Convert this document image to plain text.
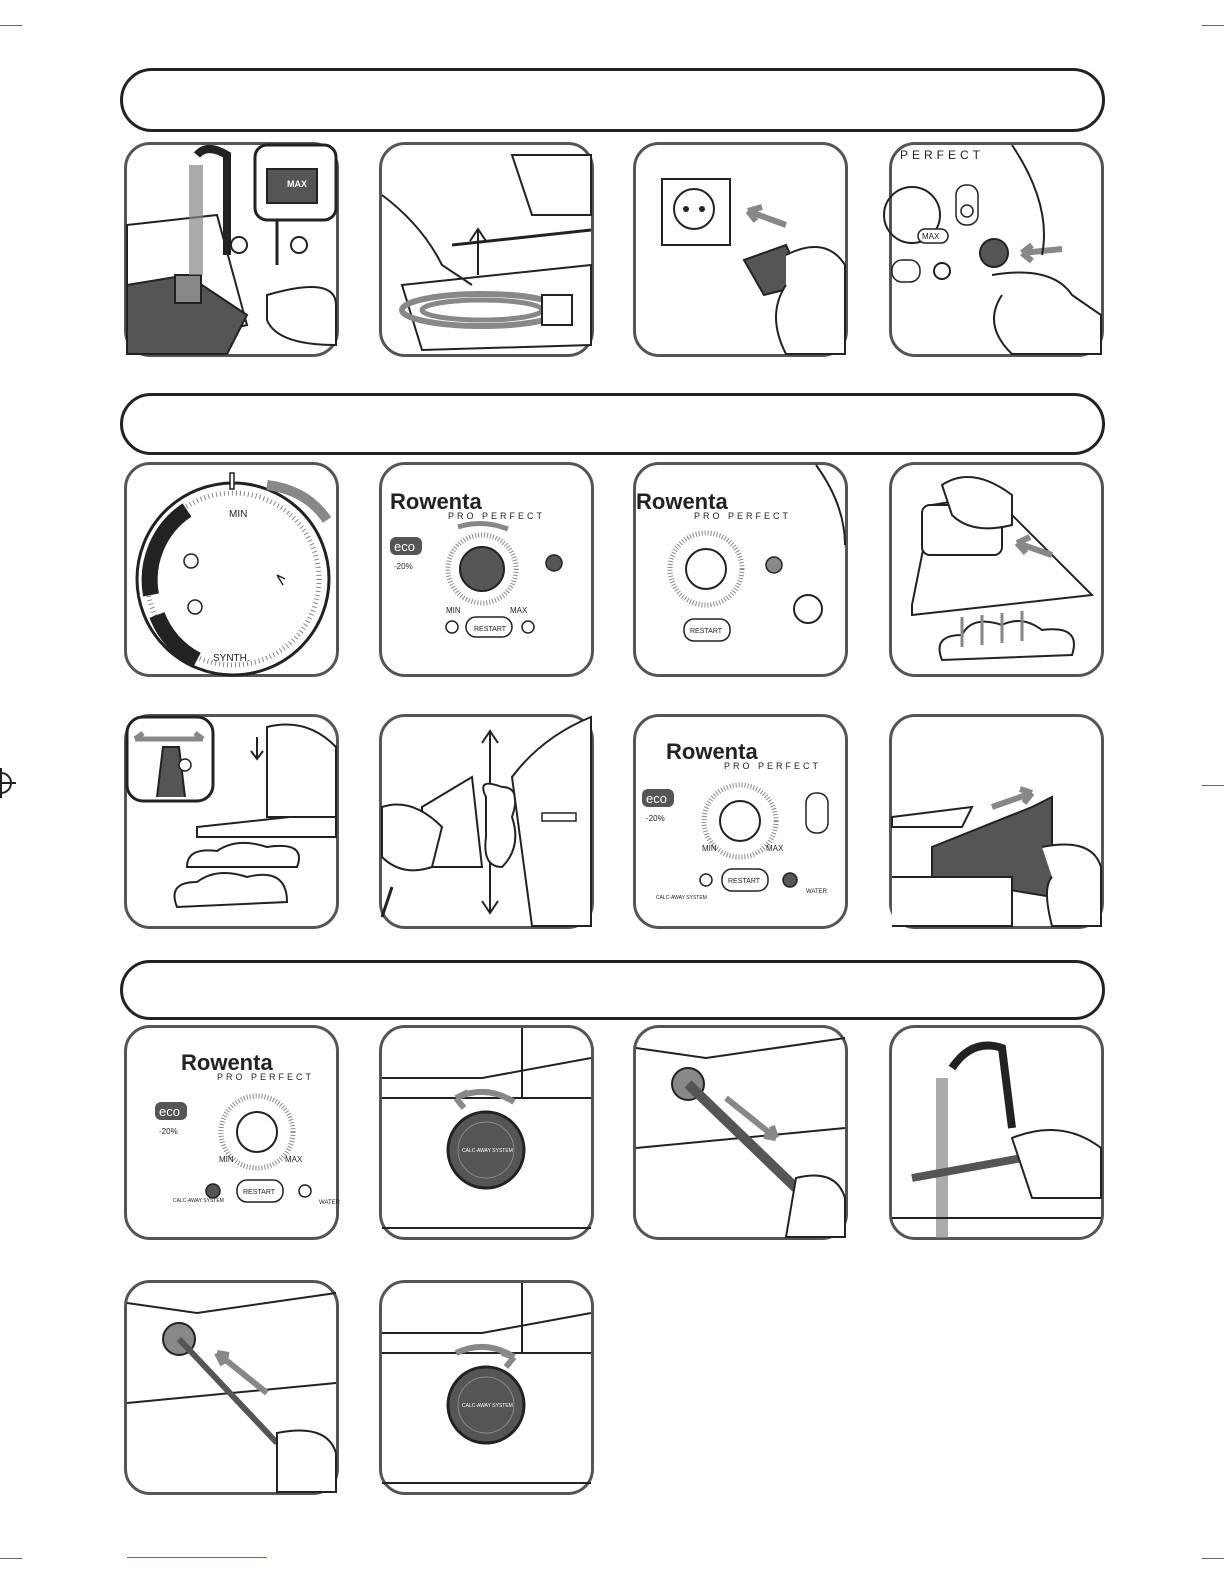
MAX
PERFECT
MAX
MIN
SYNTH.
Rowenta
PRO PERFECT
eco
-20%
MIN	MAX
RESTART
Rowenta
PRO PERFECT
RESTART
Rowenta
PRO PERFECT
eco
-20%
MIN	MAX
RESTART
WATER
CALC-AWAY SYSTEM
Rowenta
PRO PERFECT
eco
-20%
MIN	MAX
RESTART
CALC-AWAY SYSTEM	WATER
CALC-AWAY SYSTEM
CALC-AWAY SYSTEM
